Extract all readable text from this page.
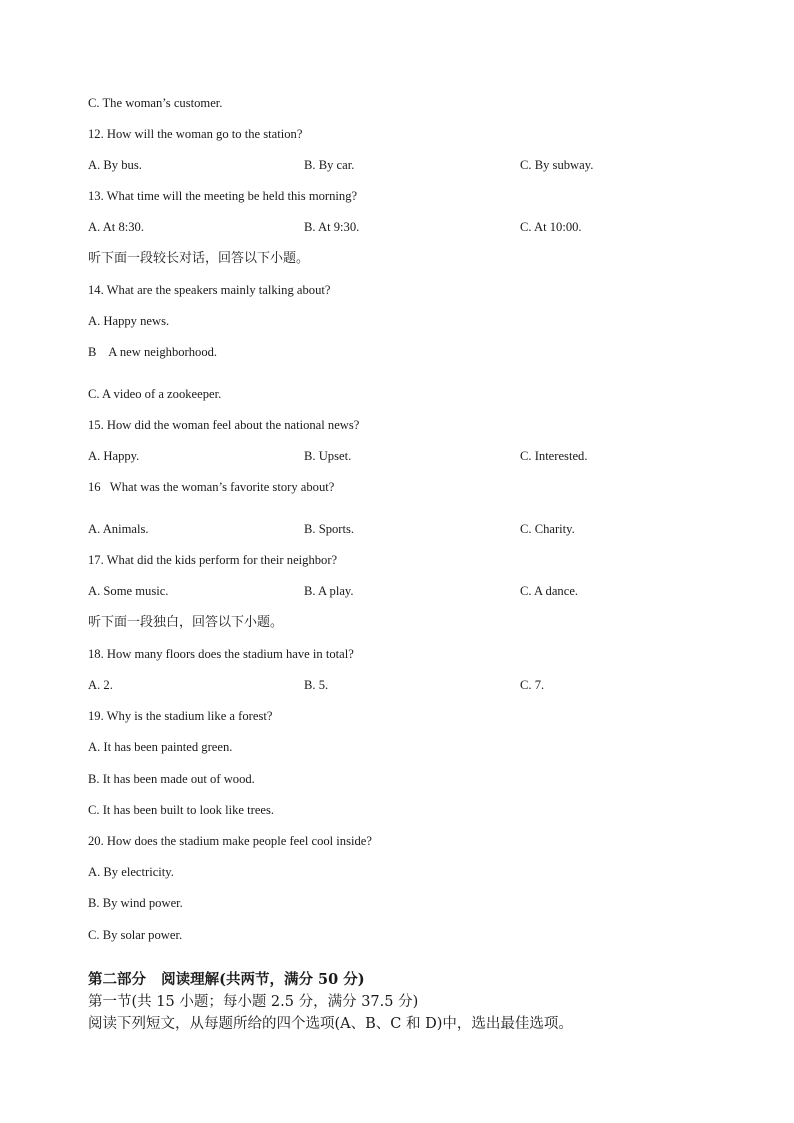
C. The woman’s customer.
12. How will the woman go to the station?
A. By bus.	B. By car.	C. By subway.
13. What time will the meeting be held this morning?
A. At 8:30.	B. At 9:30.	C. At 10:00.
听下面一段较长对话，回答以下小题。
14. What are the speakers mainly talking about?
A. Happy news.
B    A new neighborhood.
C. A video of a zookeeper.
15. How did the woman feel about the national news?
A. Happy.	B. Upset.	C. Interested.
16   What was the woman’s favorite story about?
A. Animals.	B. Sports.	C. Charity.
17. What did the kids perform for their neighbor?
A. Some music.	B. A play.	C. A dance.
听下面一段独白，回答以下小题。
18. How many floors does the stadium have in total?
A. 2.	B. 5.	C. 7.
19. Why is the stadium like a forest?
A. It has been painted green.
B. It has been made out of wood.
C. It has been built to look like trees.
20. How does the stadium make people feel cool inside?
A. By electricity.
B. By wind power.
C. By solar power.
第二部分   阅读理解(共两节，满分 50 分)
第一节(共 15 小题；每小题 2.5 分，满分 37.5 分)
阅读下列短文，从每题所给的四个选项(A、B、C 和 D)中，选出最佳选项。
